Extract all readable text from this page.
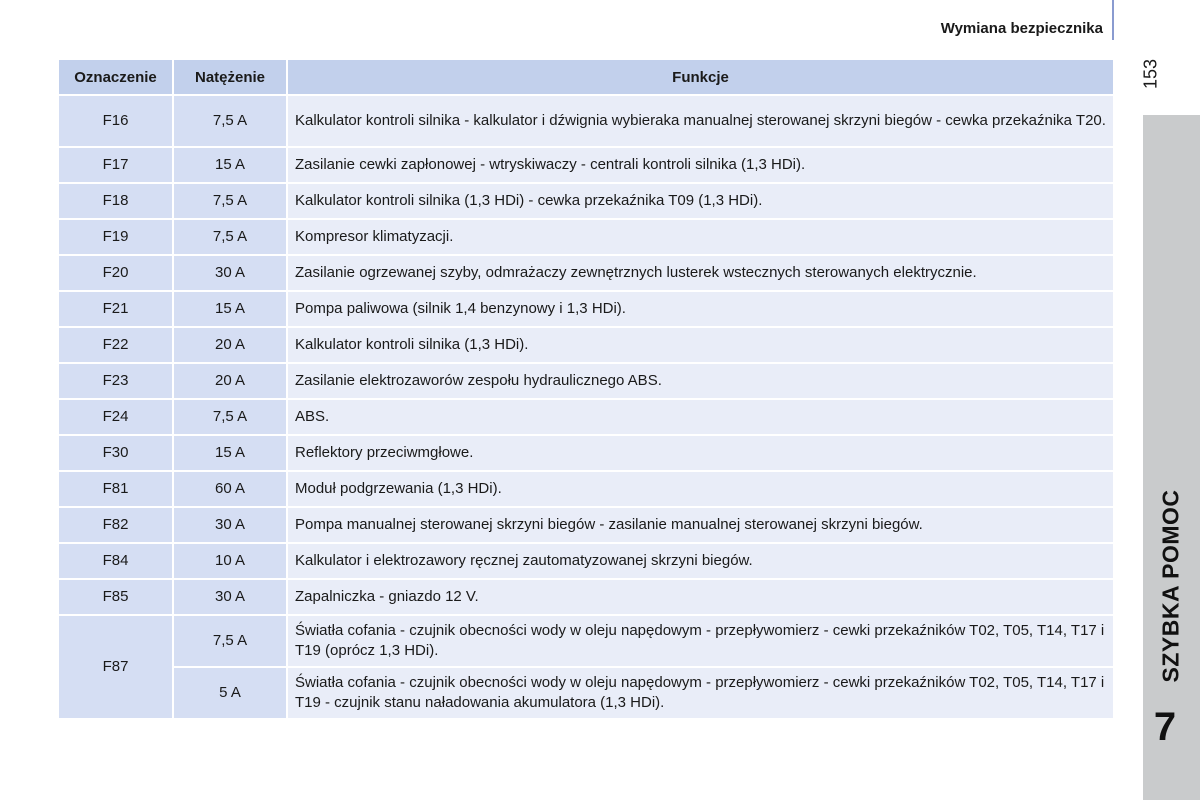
Wymiana bezpiecznika
153
SZYBKA POMOC
7
Oznaczenie	Natężenie	Funkcje
F16	7,5 A	Kalkulator kontroli silnika - kalkulator i dźwignia wybieraka manualnej sterowanej skrzyni biegów - cewka przekaźnika T20.
F17	15 A	Zasilanie cewki zapłonowej - wtryskiwaczy - centrali kontroli silnika (1,3 HDi).
F18	7,5 A	Kalkulator kontroli silnika (1,3 HDi) - cewka przekaźnika T09 (1,3 HDi).
F19	7,5 A	Kompresor klimatyzacji.
F20	30 A	Zasilanie ogrzewanej szyby, odmrażaczy zewnętrznych lusterek wstecznych sterowanych elektrycznie.
F21	15 A	Pompa paliwowa (silnik 1,4 benzynowy i 1,3 HDi).
F22	20 A	Kalkulator kontroli silnika (1,3 HDi).
F23	20 A	Zasilanie elektrozaworów zespołu hydraulicznego ABS.
F24	7,5 A	ABS.
F30	15 A	Reflektory przeciwmgłowe.
F81	60 A	Moduł podgrzewania (1,3 HDi).
F82	30 A	Pompa manualnej sterowanej skrzyni biegów - zasilanie manualnej sterowanej skrzyni biegów.
F84	10 A	Kalkulator i elektrozawory ręcznej zautomatyzowanej skrzyni biegów.
F85	30 A	Zapalniczka - gniazdo 12 V.
F87	7,5 A	Światła cofania - czujnik obecności wody w oleju napędowym - przepływomierz - cewki przekaźników T02, T05, T14, T17 i T19 (oprócz 1,3 HDi).
	5 A	Światła cofania - czujnik obecności wody w oleju napędowym - przepływomierz - cewki przekaźników T02, T05, T14, T17 i T19 - czujnik stanu naładowania akumulatora (1,3 HDi).
